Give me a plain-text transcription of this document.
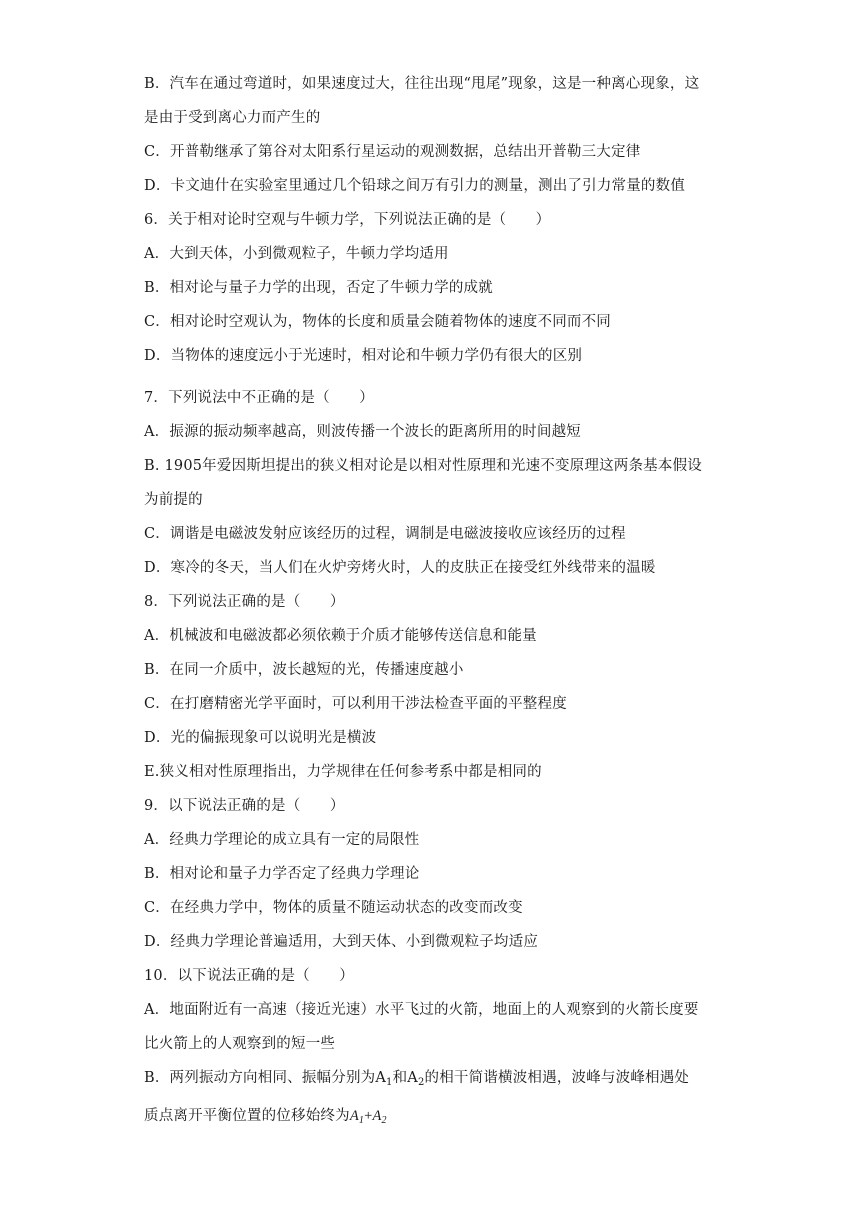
B．汽车在通过弯道时，如果速度过大，往往出现“甩尾”现象，这是一种离心现象，这
是由于受到离心力而产生的
C．开普勒继承了第谷对太阳系行星运动的观测数据，总结出开普勒三大定律
D．卡文迪什在实验室里通过几个铅球之间万有引力的测量，测出了引力常量的数值
6．关于相对论时空观与牛顿力学，下列说法正确的是（　　）
A．大到天体，小到微观粒子，牛顿力学均适用
B．相对论与量子力学的出现，否定了牛顿力学的成就
C．相对论时空观认为，物体的长度和质量会随着物体的速度不同而不同
D．当物体的速度远小于光速时，相对论和牛顿力学仍有很大的区别
7．下列说法中不正确的是（　　）
A．振源的振动频率越高，则波传播一个波长的距离所用的时间越短
B. 1905年爱因斯坦提出的狭义相对论是以相对性原理和光速不变原理这两条基本假设
为前提的
C．调谐是电磁波发射应该经历的过程，调制是电磁波接收应该经历的过程
D．寒冷的冬天，当人们在火炉旁烤火时，人的皮肤正在接受红外线带来的温暖
8．下列说法正确的是（　　）
A．机械波和电磁波都必须依赖于介质才能够传送信息和能量
B．在同一介质中，波长越短的光，传播速度越小
C．在打磨精密光学平面时，可以利用干涉法检查平面的平整程度
D．光的偏振现象可以说明光是横波
E.狭义相对性原理指出，力学规律在任何参考系中都是相同的
9．以下说法正确的是（　　）
A．经典力学理论的成立具有一定的局限性
B．相对论和量子力学否定了经典力学理论
C．在经典力学中，物体的质量不随运动状态的改变而改变
D．经典力学理论普遍适用，大到天体、小到微观粒子均适应
10．以下说法正确的是（　　）
A．地面附近有一高速（接近光速）水平飞过的火箭，地面上的人观察到的火箭长度要
比火箭上的人观察到的短一些
B．两列振动方向相同、振幅分别为$A_1$和$A_2$的相干简谐横波相遇，波峰与波峰相遇处
质点离开平衡位置的位移始终为$A_1+A_2$
